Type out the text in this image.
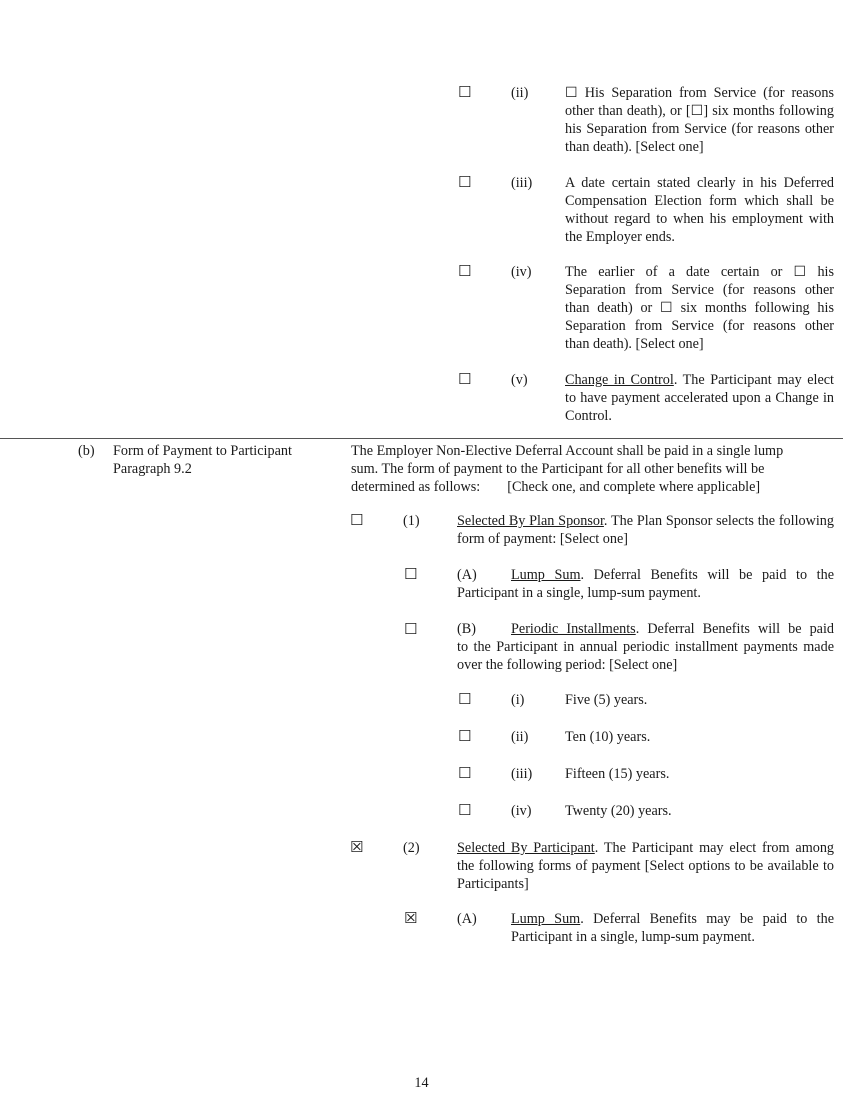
☐	(ii)	☐ His Separation from Service (for reasons other than death), or [☐] six months following his Separation from Service (for reasons other than death). [Select one]
☐	(iii) A date certain stated clearly in his Deferred Compensation Election form which shall be without regard to when his employment with the Employer ends.
☐	(iv) The earlier of a date certain or ☐ his Separation from Service (for reasons other than death) or ☐ six months following his Separation from Service (for reasons other than death). [Select one]
☐	(v)	Change in Control. The Participant may elect to have payment accelerated upon a Change in Control.
(b) Form of Payment to Participant
Paragraph 9.2
The Employer Non-Elective Deferral Account shall be paid in a single lump
sum. The form of payment to the Participant for all other benefits will be
determined as follows: [Check one, and complete where applicable]
☐	(1)	Selected By Plan Sponsor. The Plan Sponsor selects the following form of payment: [Select one]
☐	(A) Lump Sum. Deferral Benefits will be paid to the
Participant in a single, lump-sum payment.
☐	(B) Periodic Installments. Deferral Benefits will be paid
to the Participant in annual periodic installment payments made over the following period: [Select one]
☐	(i)	Five (5) years.
☐	(ii)	Ten (10) years.
☐	(iii) Fifteen (15) years.
☐	(iv) Twenty (20) years.
☒	(2)	Selected By Participant. The Participant may elect from among the following forms of payment [Select options to be available to Participants]
☒	(A) Lump Sum. Deferral Benefits may be paid to the
Participant in a single, lump-sum payment.
14
